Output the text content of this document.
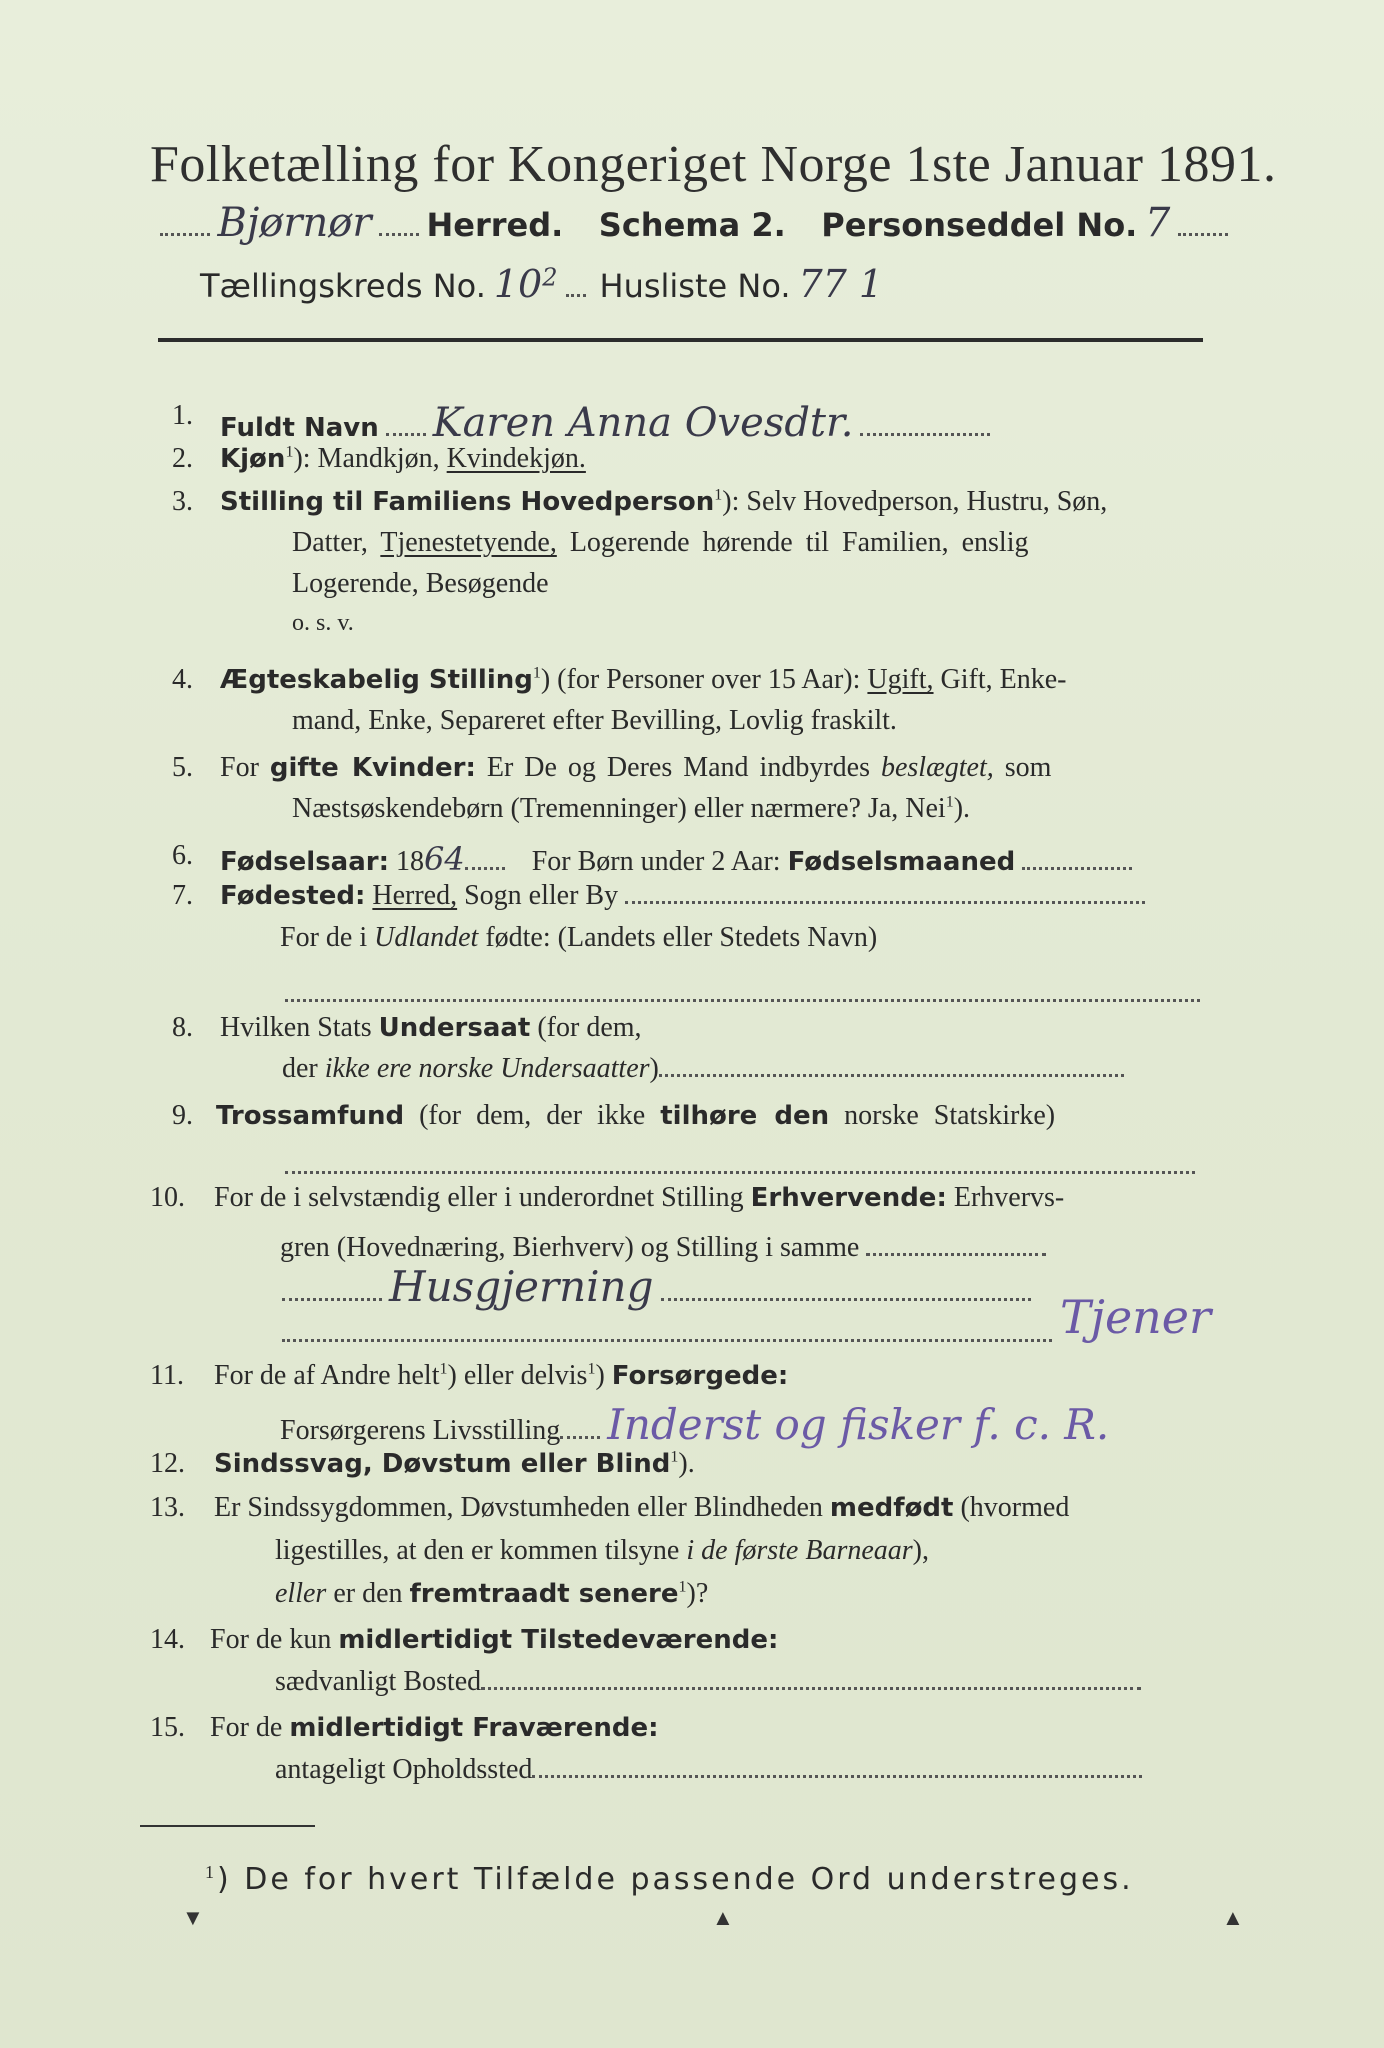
Folketælling for Kongeriget Norge 1ste Januar 1891.
Bjørnør Herred. Schema 2. Personseddel No. 7
Tællingskreds No. $10^2$ Husliste No. 77 1
1. Fuldt Navn Karen Anna Ovesdtr.
2. Kjøn$^1$): Mandkjøn, Kvindekjøn.
3. Stilling til Familiens Hovedperson$^1$): Selv Hovedperson, Hustru, Søn,
Datter, Tjenestetyende, Logerende hørende til Familien, enslig
Logerende, Besøgende
o. s. v.
4. Ægteskabelig Stilling$^1$) (for Personer over 15 Aar): Ugift, Gift, Enke-
mand, Enke, Separeret efter Bevilling, Lovlig fraskilt.
5. For gifte Kvinder: Er De og Deres Mand indbyrdes beslægtet, som
Næstsøskendebørn (Tremenninger) eller nærmere? Ja, Nei$^1$).
6. Fødselsaar: 1864 For Børn under 2 Aar: Fødselsmaaned
7. Fødested: Herred, Sogn eller By
For de i Udlandet fødte: (Landets eller Stedets Navn)
8. Hvilken Stats Undersaat (for dem,
der ikke ere norske Undersaatter)
9. Trossamfund (for dem, der ikke tilhøre den norske Statskirke)
10. For de i selvstændig eller i underordnet Stilling Erhvervende: Erhvervs-
gren (Hovednæring, Bierhverv) og Stilling i samme
Husgjerning
Tjener
11. For de af Andre helt$^1$) eller delvis$^1$) Forsørgede:
Forsørgerens Livsstilling Inderst og fisker f. c. R.
12. Sindssvag, Døvstum eller Blind$^1$).
13. Er Sindssygdommen, Døvstumheden eller Blindheden medfødt (hvormed
ligestilles, at den er kommen tilsyne i de første Barneaar),
eller er den fremtraadt senere$^1$)?
14. For de kun midlertidigt Tilstedeværende:
sædvanligt Bosted
15. For de midlertidigt Fraværende:
antageligt Opholdssted
$^1$) De for hvert Tilfælde passende Ord understreges.
▼	▲	▲
